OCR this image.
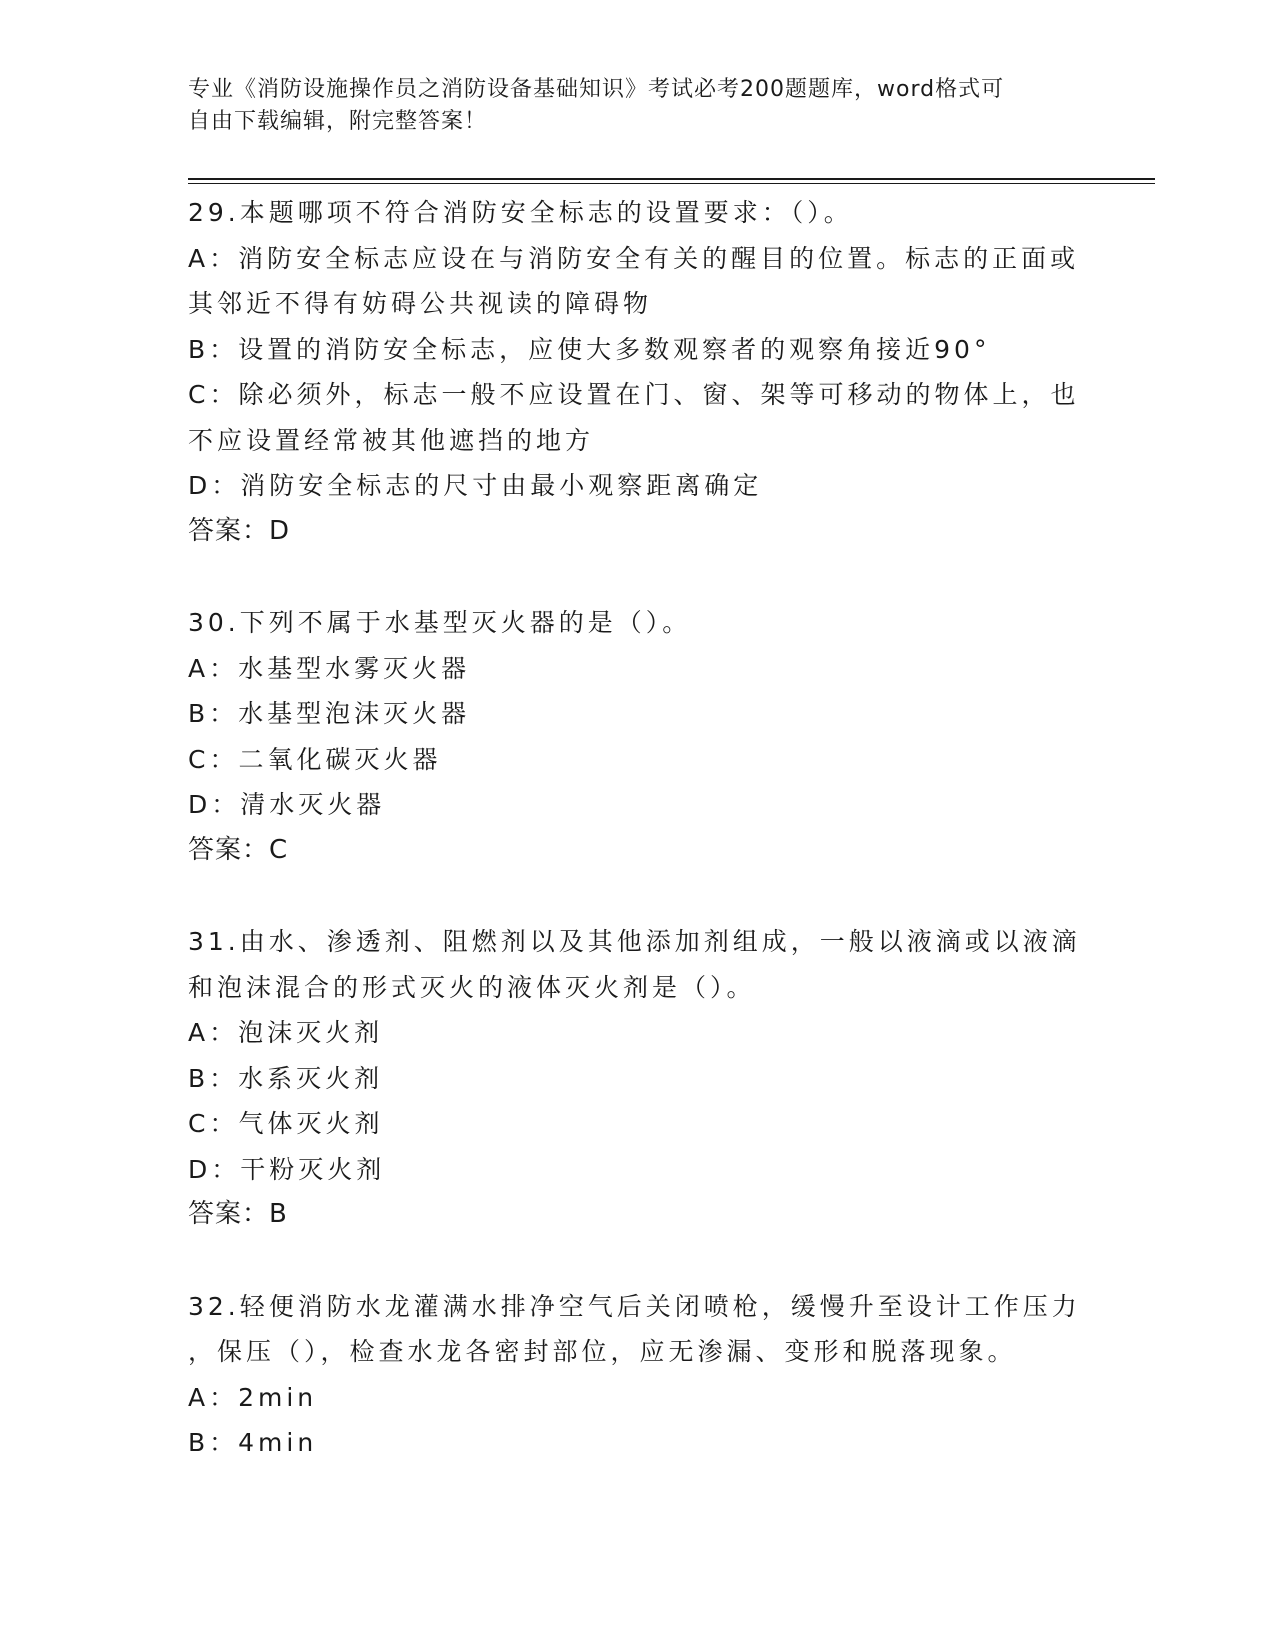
专业《消防设施操作员之消防设备基础知识》考试必考200题题库，word格式可
自由下载编辑，附完整答案！
29.本题哪项不符合消防安全标志的设置要求：（）。
A：消防安全标志应设在与消防安全有关的醒目的位置。标志的正面或
其邻近不得有妨碍公共视读的障碍物
B：设置的消防安全标志，应使大多数观察者的观察角接近90°
C：除必须外，标志一般不应设置在门、窗、架等可移动的物体上，也
不应设置经常被其他遮挡的地方
D：消防安全标志的尺寸由最小观察距离确定
答案：D
30.下列不属于水基型灭火器的是（）。
A：水基型水雾灭火器
B：水基型泡沫灭火器
C：二氧化碳灭火器
D：清水灭火器
答案：C
31.由水、渗透剂、阻燃剂以及其他添加剂组成，一般以液滴或以液滴
和泡沫混合的形式灭火的液体灭火剂是（）。
A：泡沫灭火剂
B：水系灭火剂
C：气体灭火剂
D：干粉灭火剂
答案：B
32.轻便消防水龙灌满水排净空气后关闭喷枪，缓慢升至设计工作压力
，保压（），检查水龙各密封部位，应无渗漏、变形和脱落现象。
A：2min
B：4min
